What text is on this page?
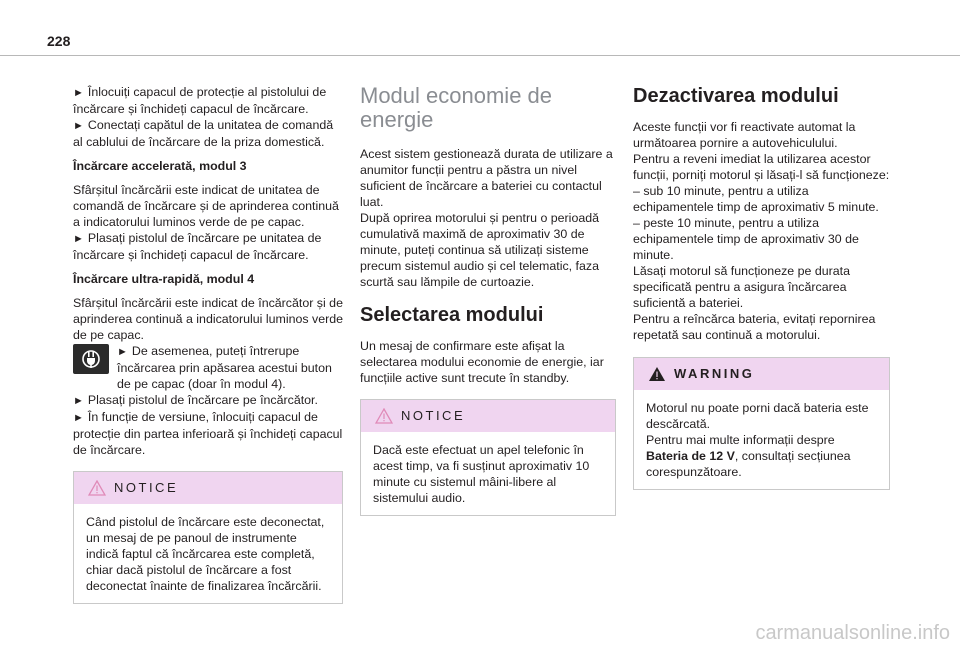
228

► Înlocuiți capacul de protecție al pistolului de încărcare și închideți capacul de încărcare.

► Conectați capătul de la unitatea de comandă al cablului de încărcare de la priza domestică.

Încărcare accelerată, modul 3

Sfârșitul încărcării este indicat de unitatea de comandă de încărcare și de aprinderea continuă a indicatorului luminos verde de pe capac.

► Plasați pistolul de încărcare pe unitatea de încărcare și închideți capacul de încărcare.

Încărcare ultra-rapidă, modul 4

Sfârșitul încărcării este indicat de încărcător și de aprinderea continuă a indicatorului luminos verde de pe capac.

► De asemenea, puteți întrerupe încărcarea prin apăsarea acestui buton de pe capac (doar în modul 4).

► Plasați pistolul de încărcare pe încărcător.

► În funcție de versiune, înlocuiți capacul de protecție din partea inferioară și închideți capacul de încărcare.

NOTICE
Când pistolul de încărcare este deconectat, un mesaj de pe panoul de instrumente indică faptul că încărcarea este completă, chiar dacă pistolul de încărcare a fost deconectat înainte de finalizarea încărcării.
Modul economie de energie

Acest sistem gestionează durata de utilizare a anumitor funcții pentru a păstra un nivel suficient de încărcare a bateriei cu contactul luat.

După oprirea motorului și pentru o perioadă cumulativă maximă de aproximativ 30 de minute, puteți continua să utilizați sisteme precum sistemul audio și cel telematic, faza scurtă sau lămpile de curtoazie.

Selectarea modului

Un mesaj de confirmare este afișat la selectarea modului economie de energie, iar funcțiile active sunt trecute în standby.

NOTICE
Dacă este efectuat un apel telefonic în acest timp, va fi susținut aproximativ 10 minute cu sistemul mâini-libere al sistemului audio.
Dezactivarea modului

Aceste funcții vor fi reactivate automat la următoarea pornire a autovehiculului.

Pentru a reveni imediat la utilizarea acestor funcții, porniți motorul și lăsați-l să funcționeze:

– sub 10 minute, pentru a utiliza echipamentele timp de aproximativ 5 minute.

– peste 10 minute, pentru a utiliza echipamentele timp de aproximativ 30 de minute.

Lăsați motorul să funcționeze pe durata specificată pentru a asigura încărcarea suficientă a bateriei.

Pentru a reîncărca bateria, evitați repornirea repetată sau continuă a motorului.

WARNING

Motorul nu poate porni dacă bateria este descărcată.

Pentru mai multe informații despre Bateria de 12 V, consultați secțiunea corespunzătoare.

carmanualsonline.info
